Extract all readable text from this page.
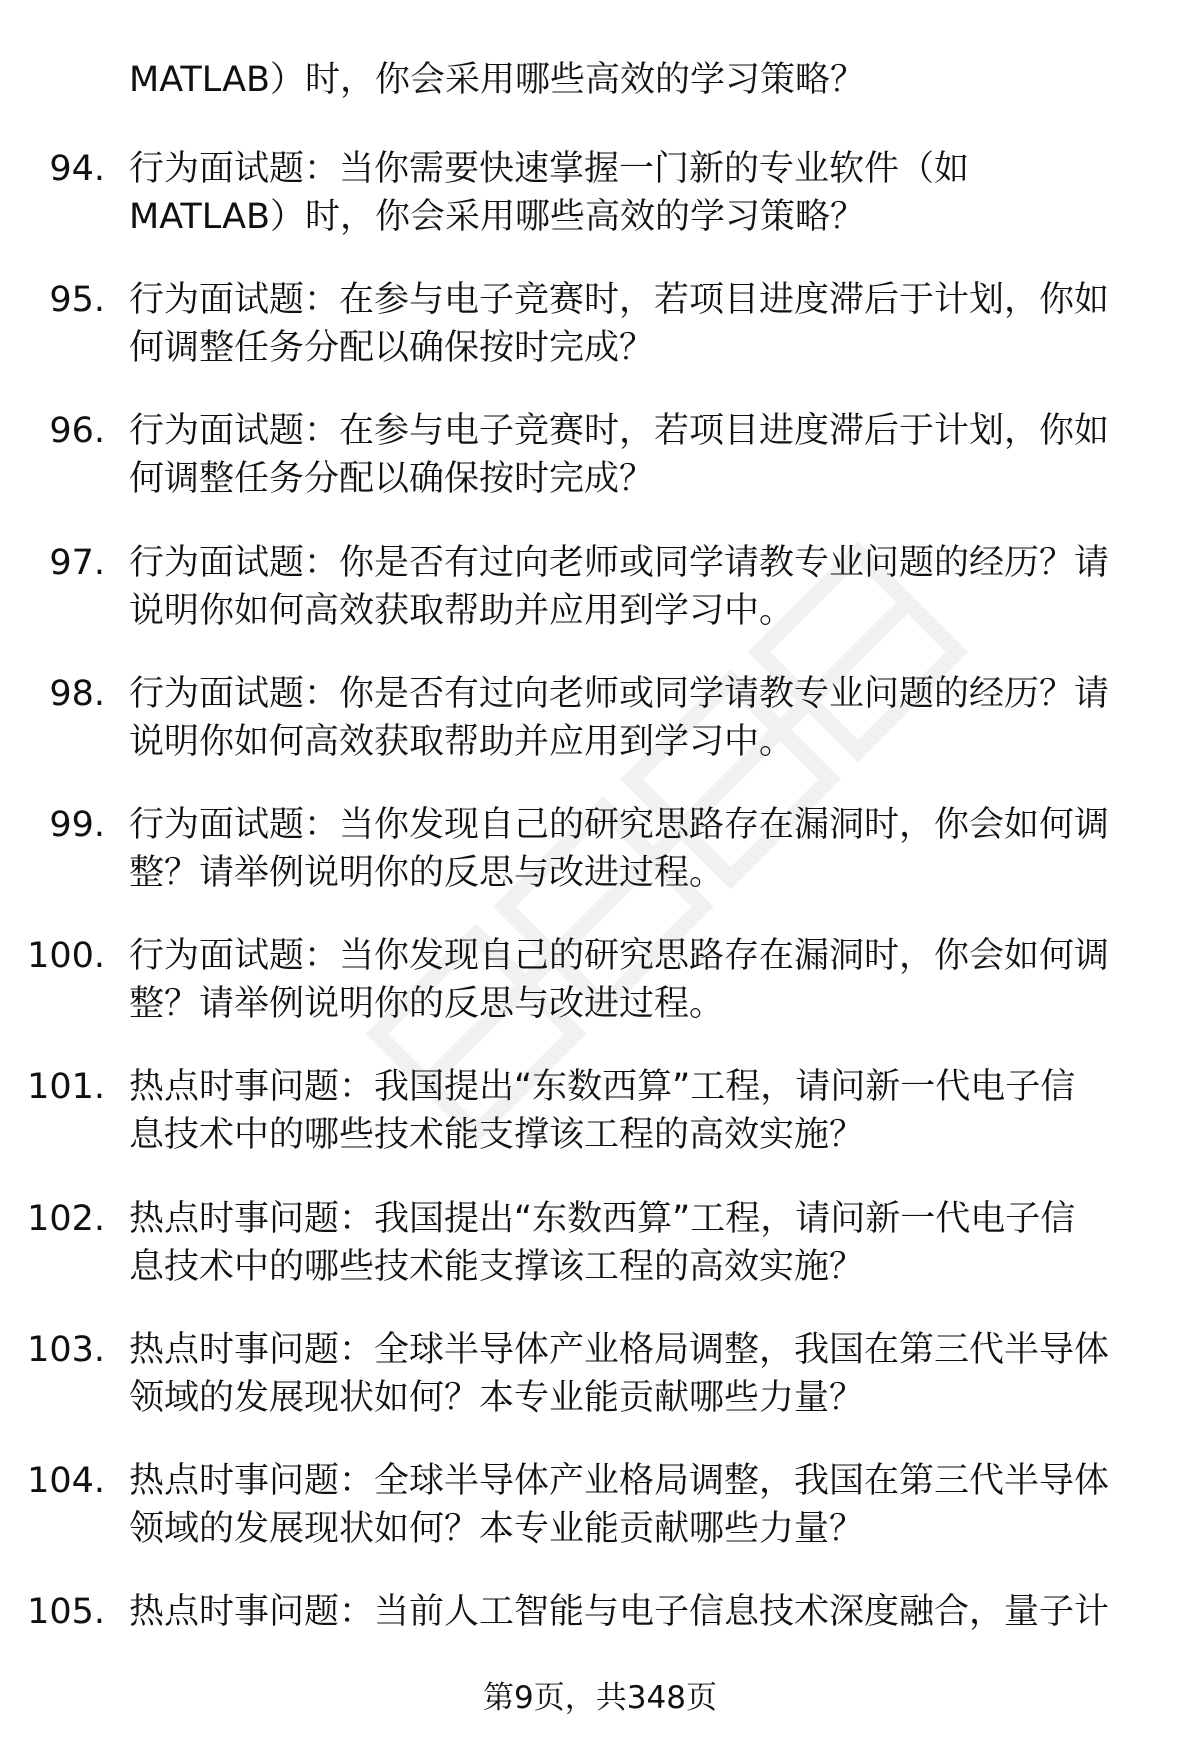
MATLAB）时，你会采用哪些高效的学习策略？
94. 行为面试题：当你需要快速掌握一门新的专业软件（如
MATLAB）时，你会采用哪些高效的学习策略？
95. 行为面试题：在参与电子竞赛时，若项目进度滞后于计划，你如
何调整任务分配以确保按时完成？
96. 行为面试题：在参与电子竞赛时，若项目进度滞后于计划，你如
何调整任务分配以确保按时完成？
97. 行为面试题：你是否有过向老师或同学请教专业问题的经历？请
说明你如何高效获取帮助并应用到学习中。
98. 行为面试题：你是否有过向老师或同学请教专业问题的经历？请
说明你如何高效获取帮助并应用到学习中。
99. 行为面试题：当你发现自己的研究思路存在漏洞时，你会如何调
整？请举例说明你的反思与改进过程。
100. 行为面试题：当你发现自己的研究思路存在漏洞时，你会如何调
整？请举例说明你的反思与改进过程。
101. 热点时事问题：我国提出“东数西算”工程，请问新一代电子信
息技术中的哪些技术能支撑该工程的高效实施？
102. 热点时事问题：我国提出“东数西算”工程，请问新一代电子信
息技术中的哪些技术能支撑该工程的高效实施？
103. 热点时事问题：全球半导体产业格局调整，我国在第三代半导体
领域的发展现状如何？本专业能贡献哪些力量？
104. 热点时事问题：全球半导体产业格局调整，我国在第三代半导体
领域的发展现状如何？本专业能贡献哪些力量？
105. 热点时事问题：当前人工智能与电子信息技术深度融合，量子计
第9页，共348页
